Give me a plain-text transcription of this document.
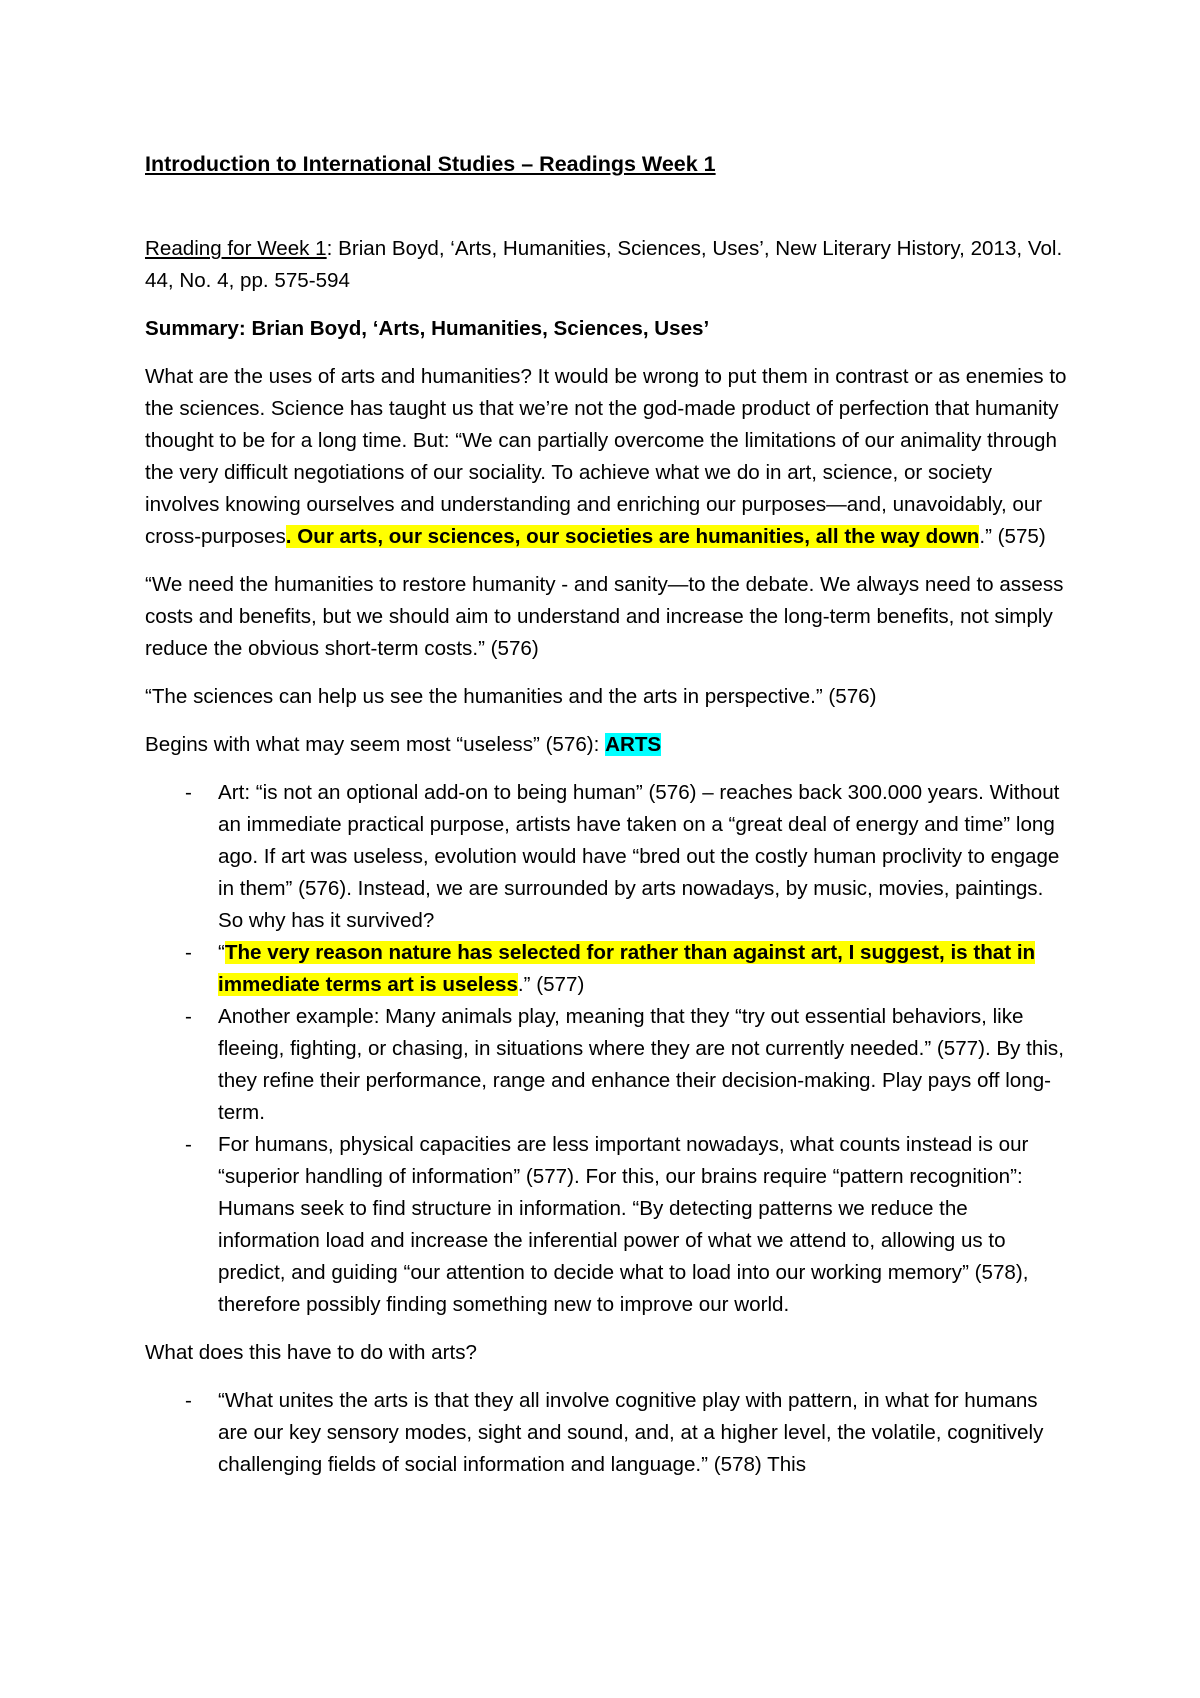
Introduction to International Studies – Readings Week 1

Reading for Week 1: Brian Boyd, ‘Arts, Humanities, Sciences, Uses’, New Literary History, 2013, Vol. 44, No. 4, pp. 575-594

Summary: Brian Boyd, ‘Arts, Humanities, Sciences, Uses’

What are the uses of arts and humanities? It would be wrong to put them in contrast or as enemies to the sciences. Science has taught us that we’re not the god-made product of perfection that humanity thought to be for a long time. But: “We can partially overcome the limitations of our animality through the very difficult negotiations of our sociality. To achieve what we do in art, science, or society involves knowing ourselves and understanding and enriching our purposes—and, unavoidably, our cross-purposes. Our arts, our sciences, our societies are humanities, all the way down.” (575)

“We need the humanities to restore humanity - and sanity—to the debate. We always need to assess costs and benefits, but we should aim to understand and increase the long-term benefits, not simply reduce the obvious short-term costs.” (576)

“The sciences can help us see the humanities and the arts in perspective.” (576)

Begins with what may seem most “useless” (576): ARTS

- Art: “is not an optional add-on to being human” (576) – reaches back 300.000 years. Without an immediate practical purpose, artists have taken on a “great deal of energy and time” long ago. If art was useless, evolution would have “bred out the costly human proclivity to engage in them” (576). Instead, we are surrounded by arts nowadays, by music, movies, paintings. So why has it survived?
- “The very reason nature has selected for rather than against art, I suggest, is that in immediate terms art is useless.” (577)
- Another example: Many animals play, meaning that they “try out essential behaviors, like fleeing, fighting, or chasing, in situations where they are not currently needed.” (577). By this, they refine their performance, range and enhance their decision-making. Play pays off long-term.
- For humans, physical capacities are less important nowadays, what counts instead is our “superior handling of information” (577). For this, our brains require “pattern recognition”: Humans seek to find structure in information. “By detecting patterns we reduce the information load and increase the inferential power of what we attend to, allowing us to predict, and guiding “our attention to decide what to load into our working memory” (578), therefore possibly finding something new to improve our world.

What does this have to do with arts?

- “What unites the arts is that they all involve cognitive play with pattern, in what for humans are our key sensory modes, sight and sound, and, at a higher level, the volatile, cognitively challenging fields of social information and language.” (578) This
